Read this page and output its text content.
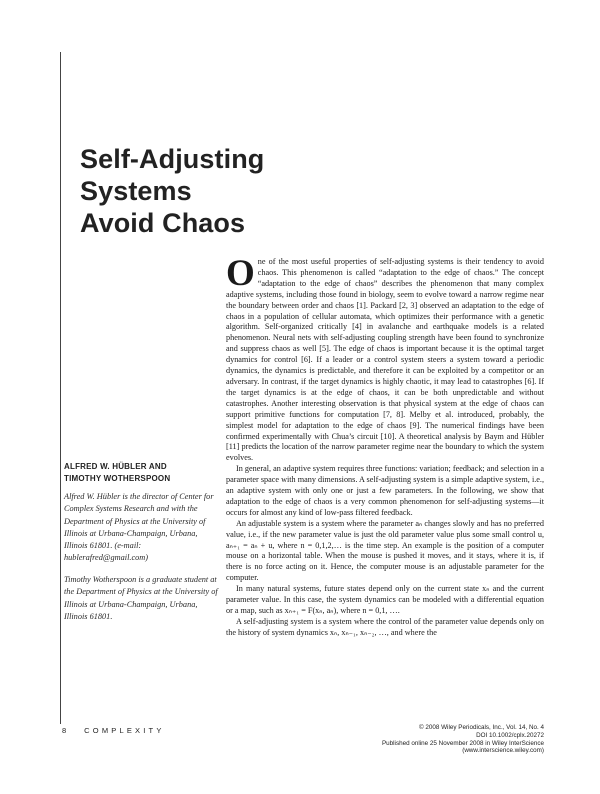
Self-Adjusting Systems
Avoid Chaos
ALFRED W. HÜBLER AND
TIMOTHY WOTHERSPOON
Alfred W. Hübler is the director of Center for Complex Systems Research and with the Department of Physics at the University of Illinois at Urbana-Champaign, Urbana, Illinois 61801. (e-mail: hublerafred@gmail.com)
Timothy Wotherspoon is a graduate student at the Department of Physics at the University of Illinois at Urbana-Champaign, Urbana, Illinois 61801.

One of the most useful properties of self-adjusting systems is their tendency to avoid chaos. This phenomenon is called “adaptation to the edge of chaos.” The concept “adaptation to the edge of chaos” describes the phenomenon that many complex adaptive systems, including those found in biology, seem to evolve toward a narrow regime near the boundary between order and chaos [1]. Packard [2, 3] observed an adaptation to the edge of chaos in a population of cellular automata, which optimizes their performance with a genetic algorithm. Self-organized critically [4] in avalanche and earthquake models is a related phenomenon. Neural nets with self-adjusting coupling strength have been found to synchronize and suppress chaos as well [5]. The edge of chaos is important because it is the optimal target dynamics for control [6]. If a leader or a control system steers a system toward a periodic dynamics, the dynamics is predictable, and therefore it can be exploited by a competitor or an adversary. In contrast, if the target dynamics is highly chaotic, it may lead to catastrophes [6]. If the target dynamics is at the edge of chaos, it can be both unpredictable and without catastrophes. Another interesting observation is that physical system at the edge of chaos can support primitive functions for computation [7, 8]. Melby et al. introduced, probably, the simplest model for adaptation to the edge of chaos [9]. The numerical findings have been confirmed experimentally with Chua’s circuit [10]. A theoretical analysis by Baym and Hübler [11] predicts the location of the narrow parameter regime near the boundary to which the system evolves.

In general, an adaptive system requires three functions: variation; feedback; and selection in a parameter space with many dimensions. A self-adjusting system is a simple adaptive system, i.e., an adaptive system with only one or just a few parameters. In the following, we show that adaptation to the edge of chaos is a very common phenomenon for self-adjusting systems—it occurs for almost any kind of low-pass filtered feedback.

An adjustable system is a system where the parameter aₙ changes slowly and has no preferred value, i.e., if the new parameter value is just the old parameter value plus some small control u, aₙ₊₁ = aₙ + u, where n = 0,1,2,… is the time step. An example is the position of a computer mouse on a horizontal table. When the mouse is pushed it moves, and it stays, where it is, if there is no force acting on it. Hence, the computer mouse is an adjustable parameter for the computer.

In many natural systems, future states depend only on the current state xₙ and the current parameter value. In this case, the system dynamics can be modeled with a differential equation or a map, such as xₙ₊₁ = F(xₙ, aₙ), where n = 0,1, ….

A self-adjusting system is a system where the control of the parameter value depends only on the history of system dynamics xₙ, xₙ₋₁, xₙ₋₂, …, and where the

8 COMPLEXITY	© 2008 Wiley Periodicals, Inc., Vol. 14, No. 4
DOI 10.1002/cplx.20272
Published online 25 November 2008 in Wiley InterScience
(www.interscience.wiley.com)
